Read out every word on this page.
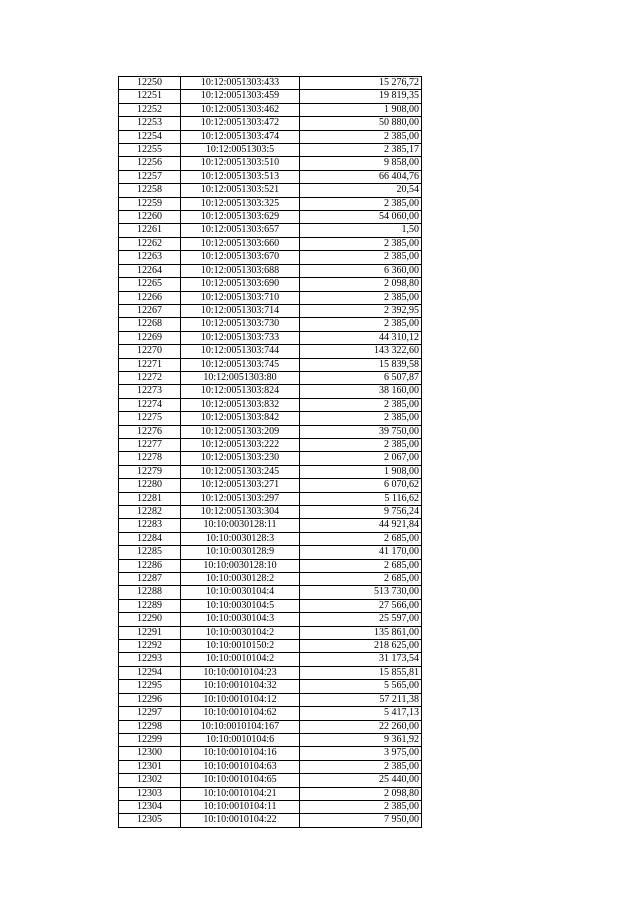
12250	10:12:0051303:433	15 276,72
12251	10:12:0051303:459	19 819,35
12252	10:12:0051303:462	1 908,00
12253	10:12:0051303:472	50 880,00
12254	10:12:0051303:474	2 385,00
12255	10:12:0051303:5	2 385,17
12256	10:12:0051303:510	9 858,00
12257	10:12:0051303:513	66 404,76
12258	10:12:0051303:521	20,54
12259	10:12:0051303:325	2 385,00
12260	10:12:0051303:629	54 060,00
12261	10:12:0051303:657	1,50
12262	10:12:0051303:660	2 385,00
12263	10:12:0051303:670	2 385,00
12264	10:12:0051303:688	6 360,00
12265	10:12:0051303:690	2 098,80
12266	10:12:0051303:710	2 385,00
12267	10:12:0051303:714	2 392,95
12268	10:12:0051303:730	2 385,00
12269	10:12:0051303:733	44 310,12
12270	10:12:0051303:744	143 322,60
12271	10:12:0051303:745	15 839,58
12272	10:12:0051303:80	6 507,87
12273	10:12:0051303:824	38 160,00
12274	10:12:0051303:832	2 385,00
12275	10:12:0051303:842	2 385,00
12276	10:12:0051303:209	39 750,00
12277	10:12:0051303:222	2 385,00
12278	10:12:0051303:230	2 067,00
12279	10:12:0051303:245	1 908,00
12280	10:12:0051303:271	6 070,62
12281	10:12:0051303:297	5 116,62
12282	10:12:0051303:304	9 756,24
12283	10:10:0030128:11	44 921,84
12284	10:10:0030128:3	2 685,00
12285	10:10:0030128:9	41 170,00
12286	10:10:0030128:10	2 685,00
12287	10:10:0030128:2	2 685,00
12288	10:10:0030104:4	513 730,00
12289	10:10:0030104:5	27 566,00
12290	10:10:0030104:3	25 597,00
12291	10:10:0030104:2	135 861,00
12292	10:10:0010150:2	218 625,00
12293	10:10:0010104:2	31 173,54
12294	10:10:0010104:23	15 855,81
12295	10:10:0010104:32	5 565,00
12296	10:10:0010104:12	57 211,38
12297	10:10:0010104:62	5 417,13
12298	10:10:0010104:167	22 260,00
12299	10:10:0010104:6	9 361,92
12300	10:10:0010104:16	3 975,00
12301	10:10:0010104:63	2 385,00
12302	10:10:0010104:65	25 440,00
12303	10:10:0010104:21	2 098,80
12304	10:10:0010104:11	2 385,00
12305	10:10:0010104:22	7 950,00
